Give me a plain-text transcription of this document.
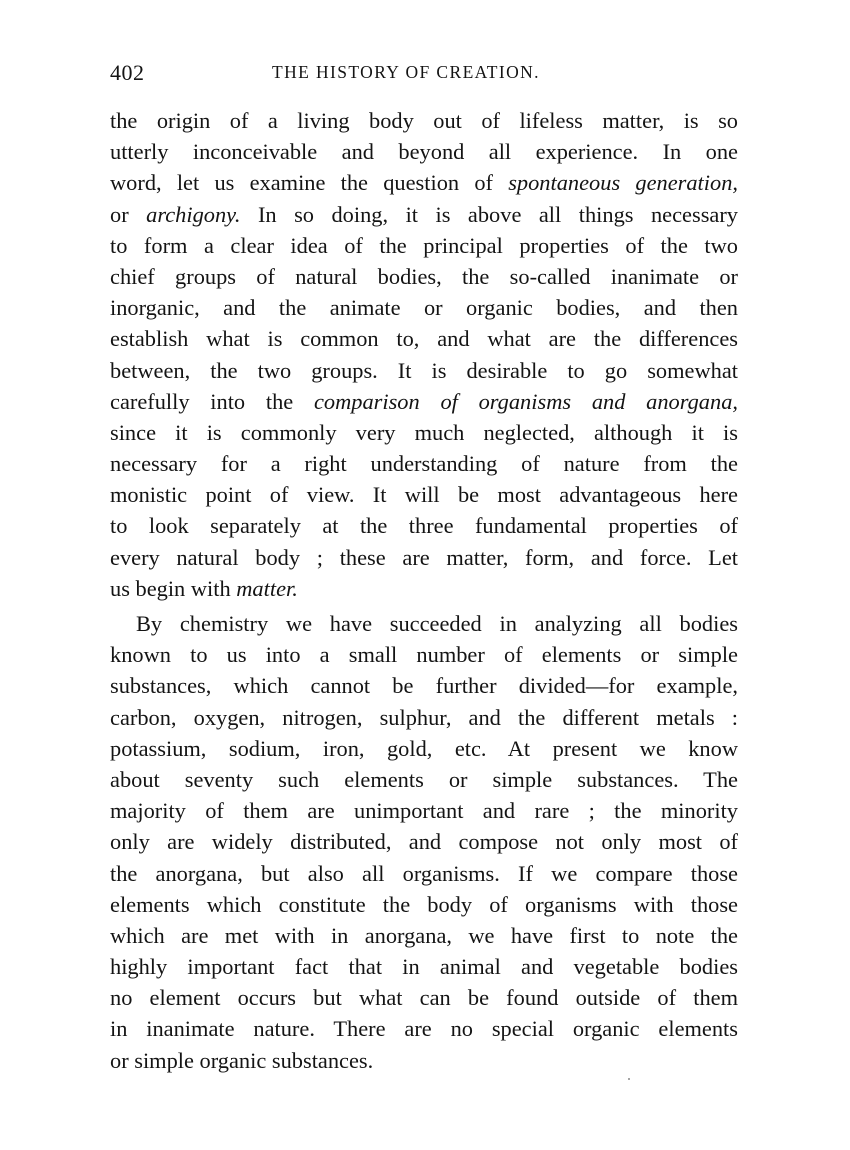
402	THE HISTORY OF CREATION.
the origin of a living body out of lifeless matter, is so
utterly inconceivable and beyond all experience. In one
word, let us examine the question of spontaneous generation,
or archigony. In so doing, it is above all things necessary
to form a clear idea of the principal properties of the two
chief groups of natural bodies, the so-called inanimate or
inorganic, and the animate or organic bodies, and then
establish what is common to, and what are the differences
between, the two groups. It is desirable to go somewhat
carefully into the comparison of organisms and anorgana,
since it is commonly very much neglected, although it is
necessary for a right understanding of nature from the
monistic point of view. It will be most advantageous here
to look separately at the three fundamental properties of
every natural body ; these are matter, form, and force. Let
us begin with matter.
By chemistry we have succeeded in analyzing all bodies
known to us into a small number of elements or simple
substances, which cannot be further divided—for example,
carbon, oxygen, nitrogen, sulphur, and the different metals :
potassium, sodium, iron, gold, etc. At present we know
about seventy such elements or simple substances. The
majority of them are unimportant and rare ; the minority
only are widely distributed, and compose not only most of
the anorgana, but also all organisms. If we compare those
elements which constitute the body of organisms with those
which are met with in anorgana, we have first to note the
highly important fact that in animal and vegetable bodies
no element occurs but what can be found outside of them
in inanimate nature. There are no special organic elements
or simple organic substances.
